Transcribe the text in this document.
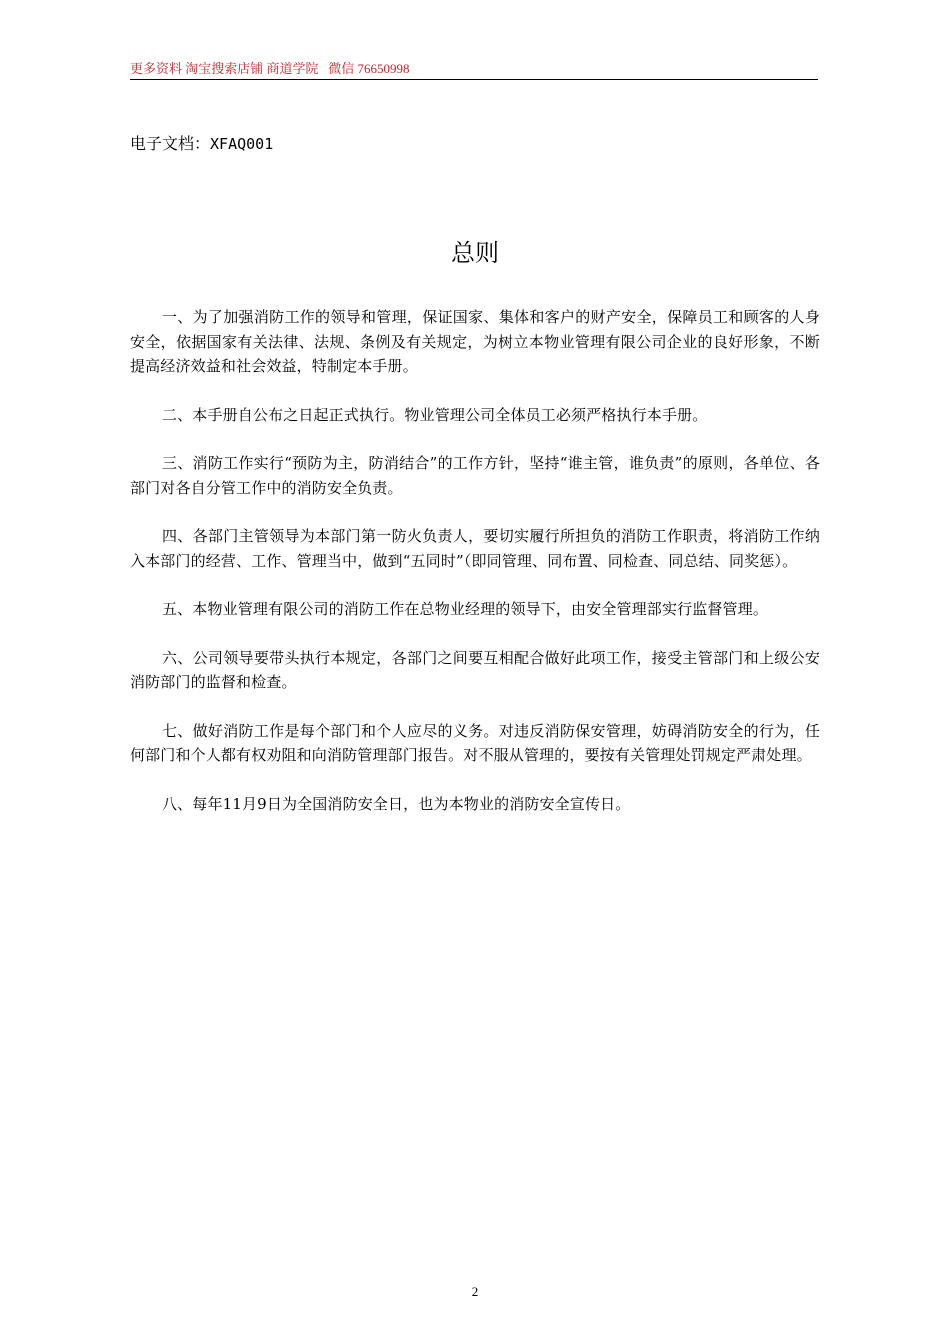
更多资料 淘宝搜索店铺 商道学院   微信 76650998
电子文档：XFAQ001
总则

一、为了加强消防工作的领导和管理，保证国家、集体和客户的财产安全，保障员工和顾客的人身安全，依据国家有关法律、法规、条例及有关规定，为树立本物业管理有限公司企业的良好形象，不断提高经济效益和社会效益，特制定本手册。

二、本手册自公布之日起正式执行。物业管理公司全体员工必须严格执行本手册。

三、消防工作实行“预防为主，防消结合”的工作方针，坚持“谁主管，谁负责”的原则，各单位、各部门对各自分管工作中的消防安全负责。

四、各部门主管领导为本部门第一防火负责人，要切实履行所担负的消防工作职责，将消防工作纳入本部门的经营、工作、管理当中，做到“五同时”（即同管理、同布置、同检查、同总结、同奖惩）。

五、本物业管理有限公司的消防工作在总物业经理的领导下，由安全管理部实行监督管理。

六、公司领导要带头执行本规定，各部门之间要互相配合做好此项工作，接受主管部门和上级公安消防部门的监督和检查。

七、做好消防工作是每个部门和个人应尽的义务。对违反消防保安管理，妨碍消防安全的行为，任何部门和个人都有权劝阻和向消防管理部门报告。对不服从管理的，要按有关管理处罚规定严肃处理。

八、每年11月9日为全国消防安全日，也为本物业的消防安全宣传日。

2
